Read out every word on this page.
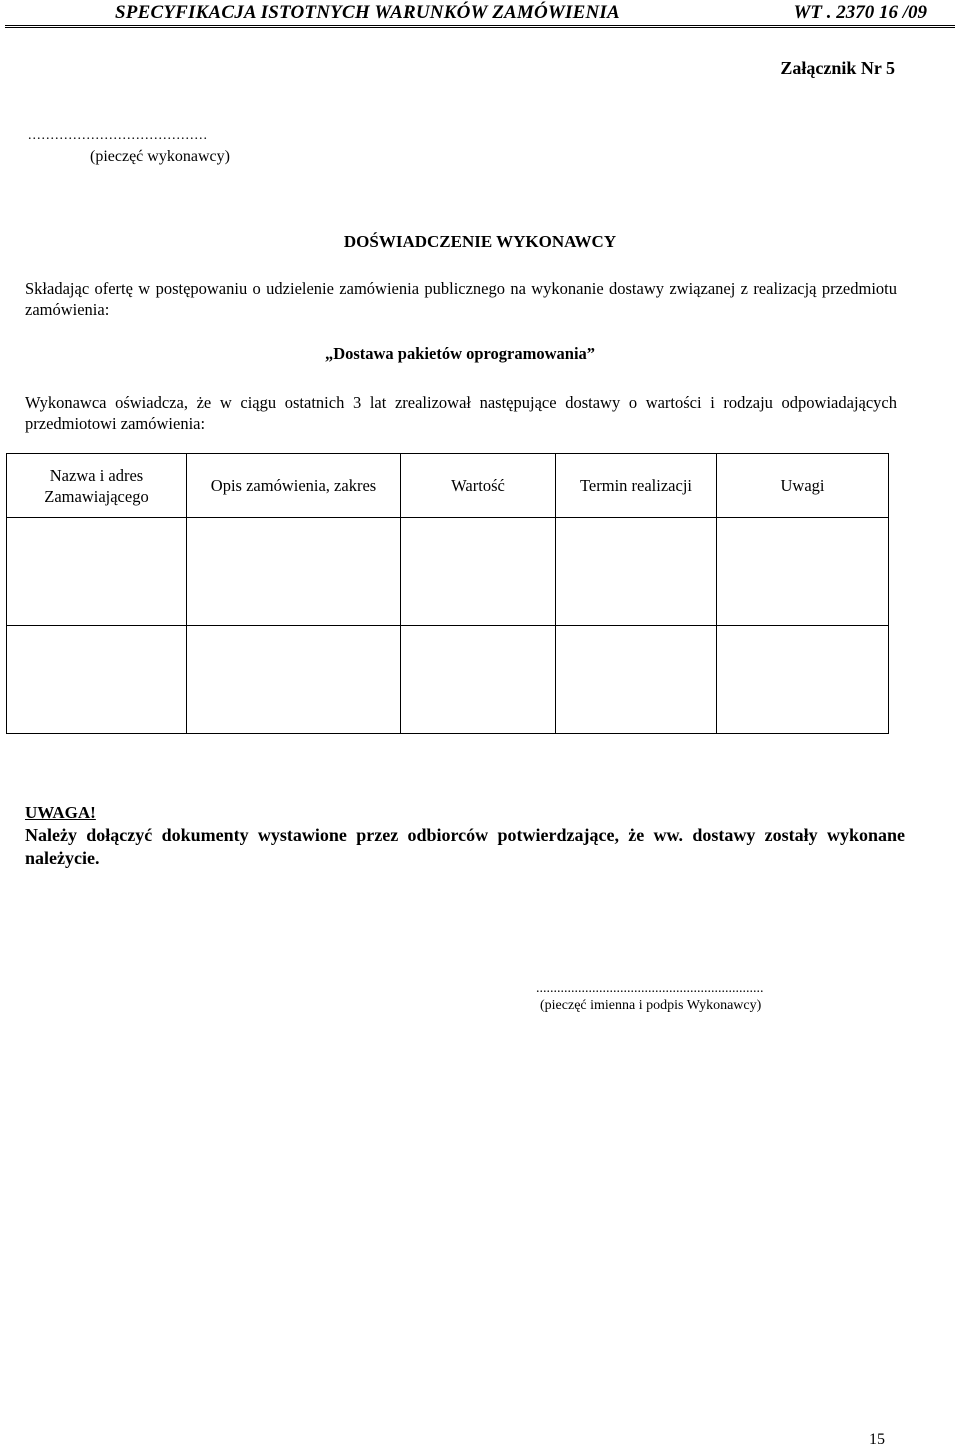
SPECYFIKACJA ISTOTNYCH WARUNKÓW ZAMÓWIENIA	WT . 2370 16 /09
Załącznik Nr 5
........................................
(pieczęć wykonawcy)
DOŚWIADCZENIE WYKONAWCY
Składając ofertę w postępowaniu o udzielenie zamówienia publicznego na wykonanie dostawy związanej z realizacją przedmiotu zamówienia:
„Dostawa pakietów oprogramowania”
Wykonawca oświadcza, że w ciągu ostatnich 3 lat zrealizował następujące dostawy o wartości i rodzaju odpowiadających przedmiotowi zamówienia:
Nazwa i adres Zamawiającego	Opis zamówienia, zakres	Wartość	Termin realizacji	Uwagi

UWAGA!
Należy dołączyć dokumenty wystawione przez odbiorców potwierdzające, że ww. dostawy zostały wykonane należycie.
.................................................................
(pieczęć imienna i podpis Wykonawcy)
15
